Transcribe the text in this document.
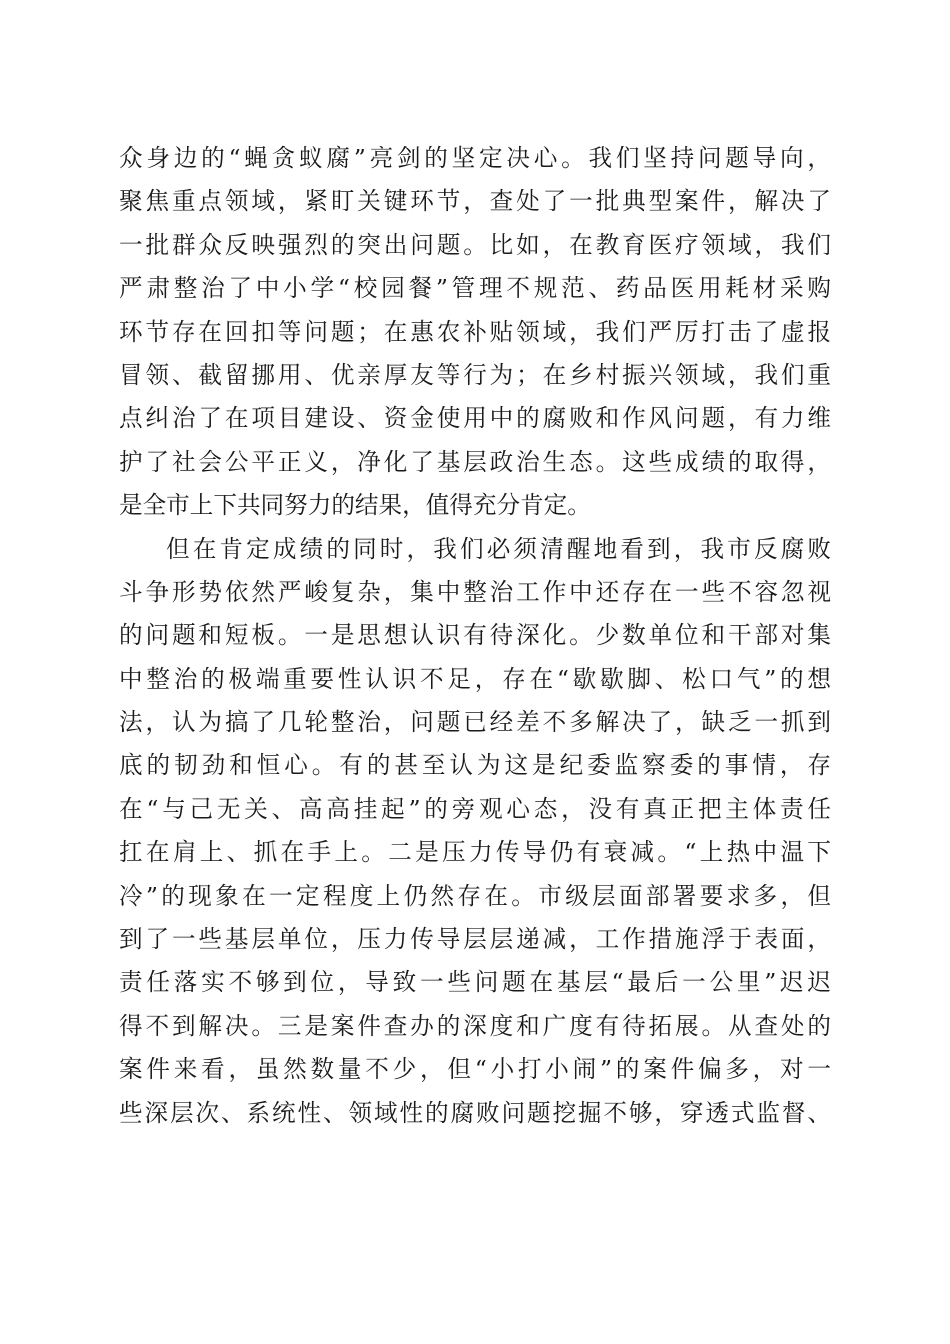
众身边的“蝇贪蚁腐”亮剑的坚定决心。我们坚持问题导向，
聚焦重点领域，紧盯关键环节，查处了一批典型案件，解决了
一批群众反映强烈的突出问题。比如，在教育医疗领域，我们
严肃整治了中小学“校园餐”管理不规范、药品医用耗材采购
环节存在回扣等问题；在惠农补贴领域，我们严厉打击了虚报
冒领、截留挪用、优亲厚友等行为；在乡村振兴领域，我们重
点纠治了在项目建设、资金使用中的腐败和作风问题，有力维
护了社会公平正义，净化了基层政治生态。这些成绩的取得，
是全市上下共同努力的结果，值得充分肯定。
但在肯定成绩的同时，我们必须清醒地看到，我市反腐败
斗争形势依然严峻复杂，集中整治工作中还存在一些不容忽视
的问题和短板。一是思想认识有待深化。少数单位和干部对集
中整治的极端重要性认识不足，存在“歇歇脚、松口气”的想
法，认为搞了几轮整治，问题已经差不多解决了，缺乏一抓到
底的韧劲和恒心。有的甚至认为这是纪委监察委的事情，存
在“与己无关、高高挂起”的旁观心态，没有真正把主体责任
扛在肩上、抓在手上。二是压力传导仍有衰减。“上热中温下
冷”的现象在一定程度上仍然存在。市级层面部署要求多，但
到了一些基层单位，压力传导层层递减，工作措施浮于表面，
责任落实不够到位，导致一些问题在基层“最后一公里”迟迟
得不到解决。三是案件查办的深度和广度有待拓展。从查处的
案件来看，虽然数量不少，但“小打小闹”的案件偏多，对一
些深层次、系统性、领域性的腐败问题挖掘不够，穿透式监督、
